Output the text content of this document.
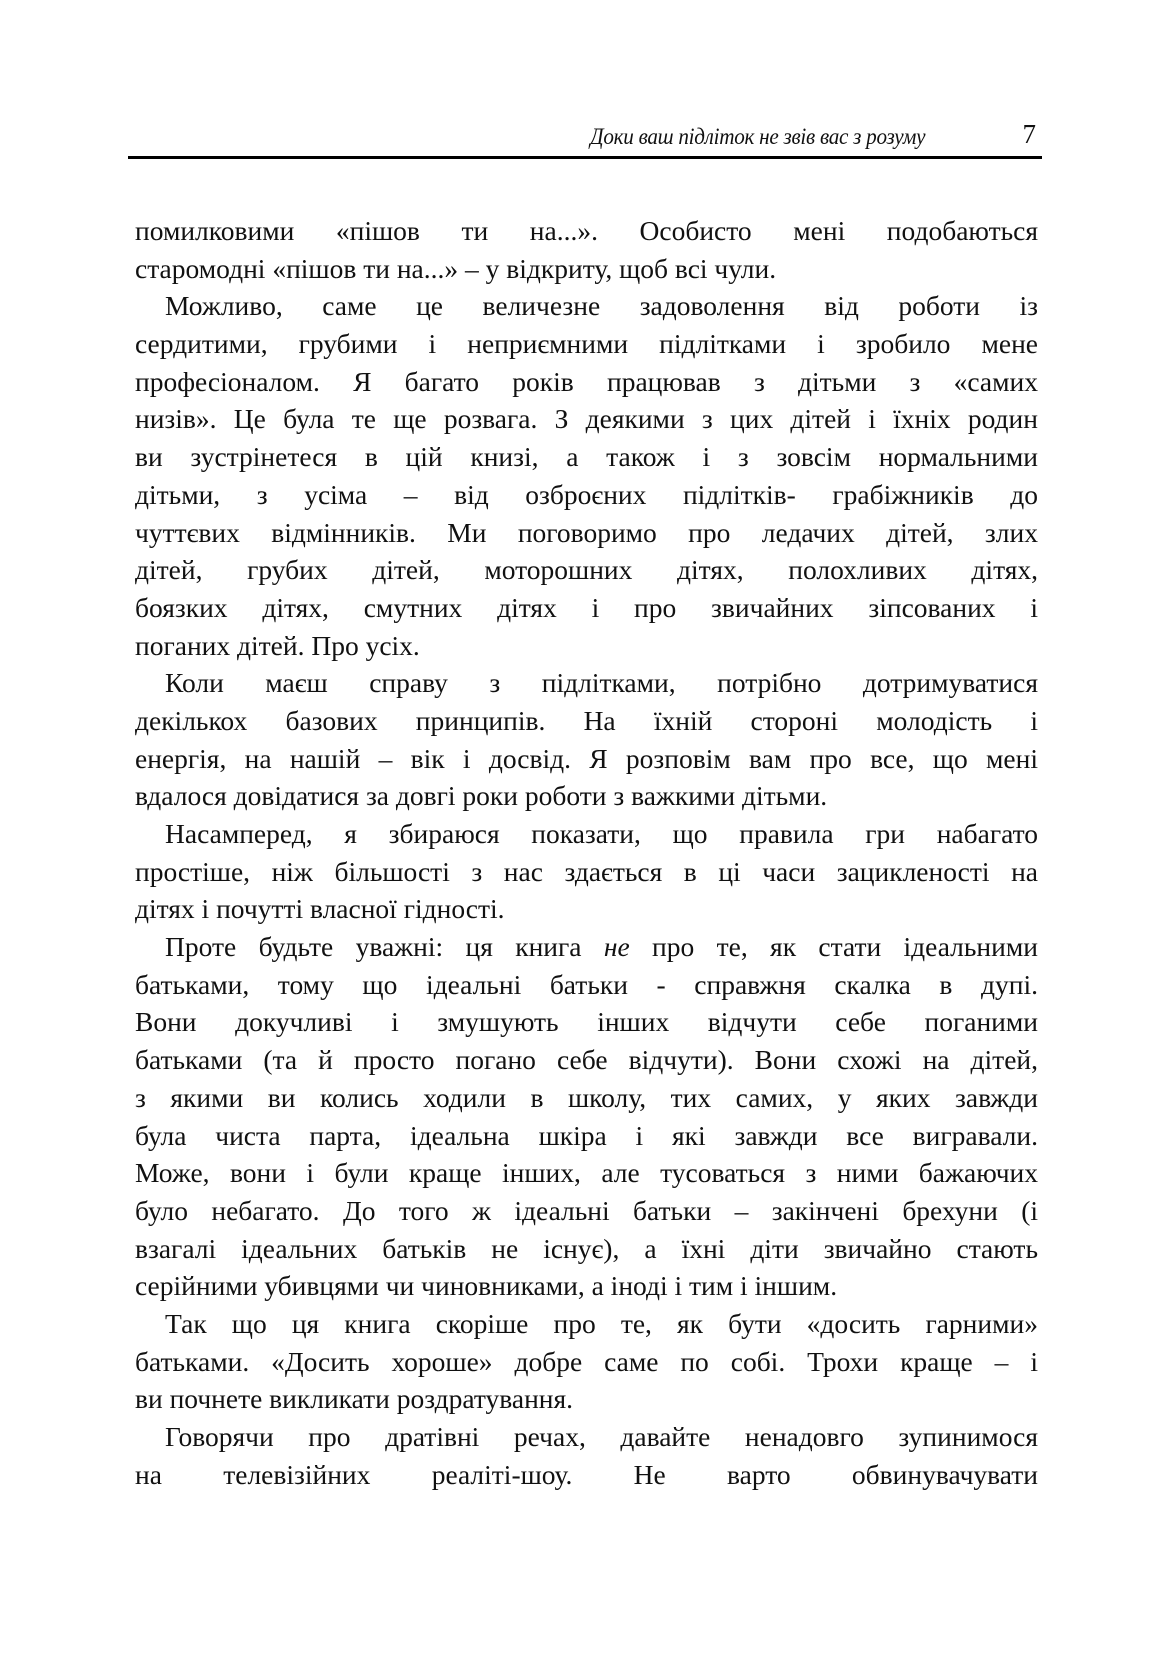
Доки ваш підліток не звів вас з розуму	7
помилковими «пішов ти на...». Особисто мені подобаються
старомодні «пішов ти на...» – у відкриту, щоб всі чули.
Можливо, саме це величезне задоволення від роботи із
сердитими, грубими і неприємними підлітками і зробило мене
професіоналом. Я багато років працював з дітьми з «самих
низів». Це була те ще розвага. З деякими з цих дітей і їхніх родин
ви зустрінетеся в цій книзі, а також і з зовсім нормальними
дітьми, з усіма – від озброєних підлітків- грабіжників до
чуттєвих відмінників. Ми поговоримо про ледачих дітей, злих
дітей, грубих дітей, моторошних дітях, полохливих дітях,
боязких дітях, смутних дітях і про звичайних зіпсованих і
поганих дітей. Про усіх.
Коли маєш справу з підлітками, потрібно дотримуватися
декількох базових принципів. На їхній стороні молодість і
енергія, на нашій – вік і досвід. Я розповім вам про все, що мені
вдалося довідатися за довгі роки роботи з важкими дітьми.
Насамперед, я збираюся показати, що правила гри набагато
простіше, ніж більшості з нас здається в ці часи зацикленості на
дітях і почутті власної гідності.
Проте будьте уважні: ця книга не про те, як стати ідеальними
батьками, тому що ідеальні батьки - справжня скалка в дупі.
Вони докучливі і змушують інших відчути себе поганими
батьками (та й просто погано себе відчути). Вони схожі на дітей,
з якими ви колись ходили в школу, тих самих, у яких завжди
була чиста парта, ідеальна шкіра і які завжди все вигравали.
Може, вони і були краще інших, але тусоваться з ними бажаючих
було небагато. До того ж ідеальні батьки – закінчені брехуни (і
взагалі ідеальних батьків не існує), а їхні діти звичайно стають
серійними убивцями чи чиновниками, а іноді і тим і іншим.
Так що ця книга скоріше про те, як бути «досить гарними»
батьками. «Досить хороше» добре саме по собі. Трохи краще – і
ви почнете викликати роздратування.
Говорячи про дратівні речах, давайте ненадовго зупинимося
на телевізійних реаліті-шоу. Не варто обвинувачувати
